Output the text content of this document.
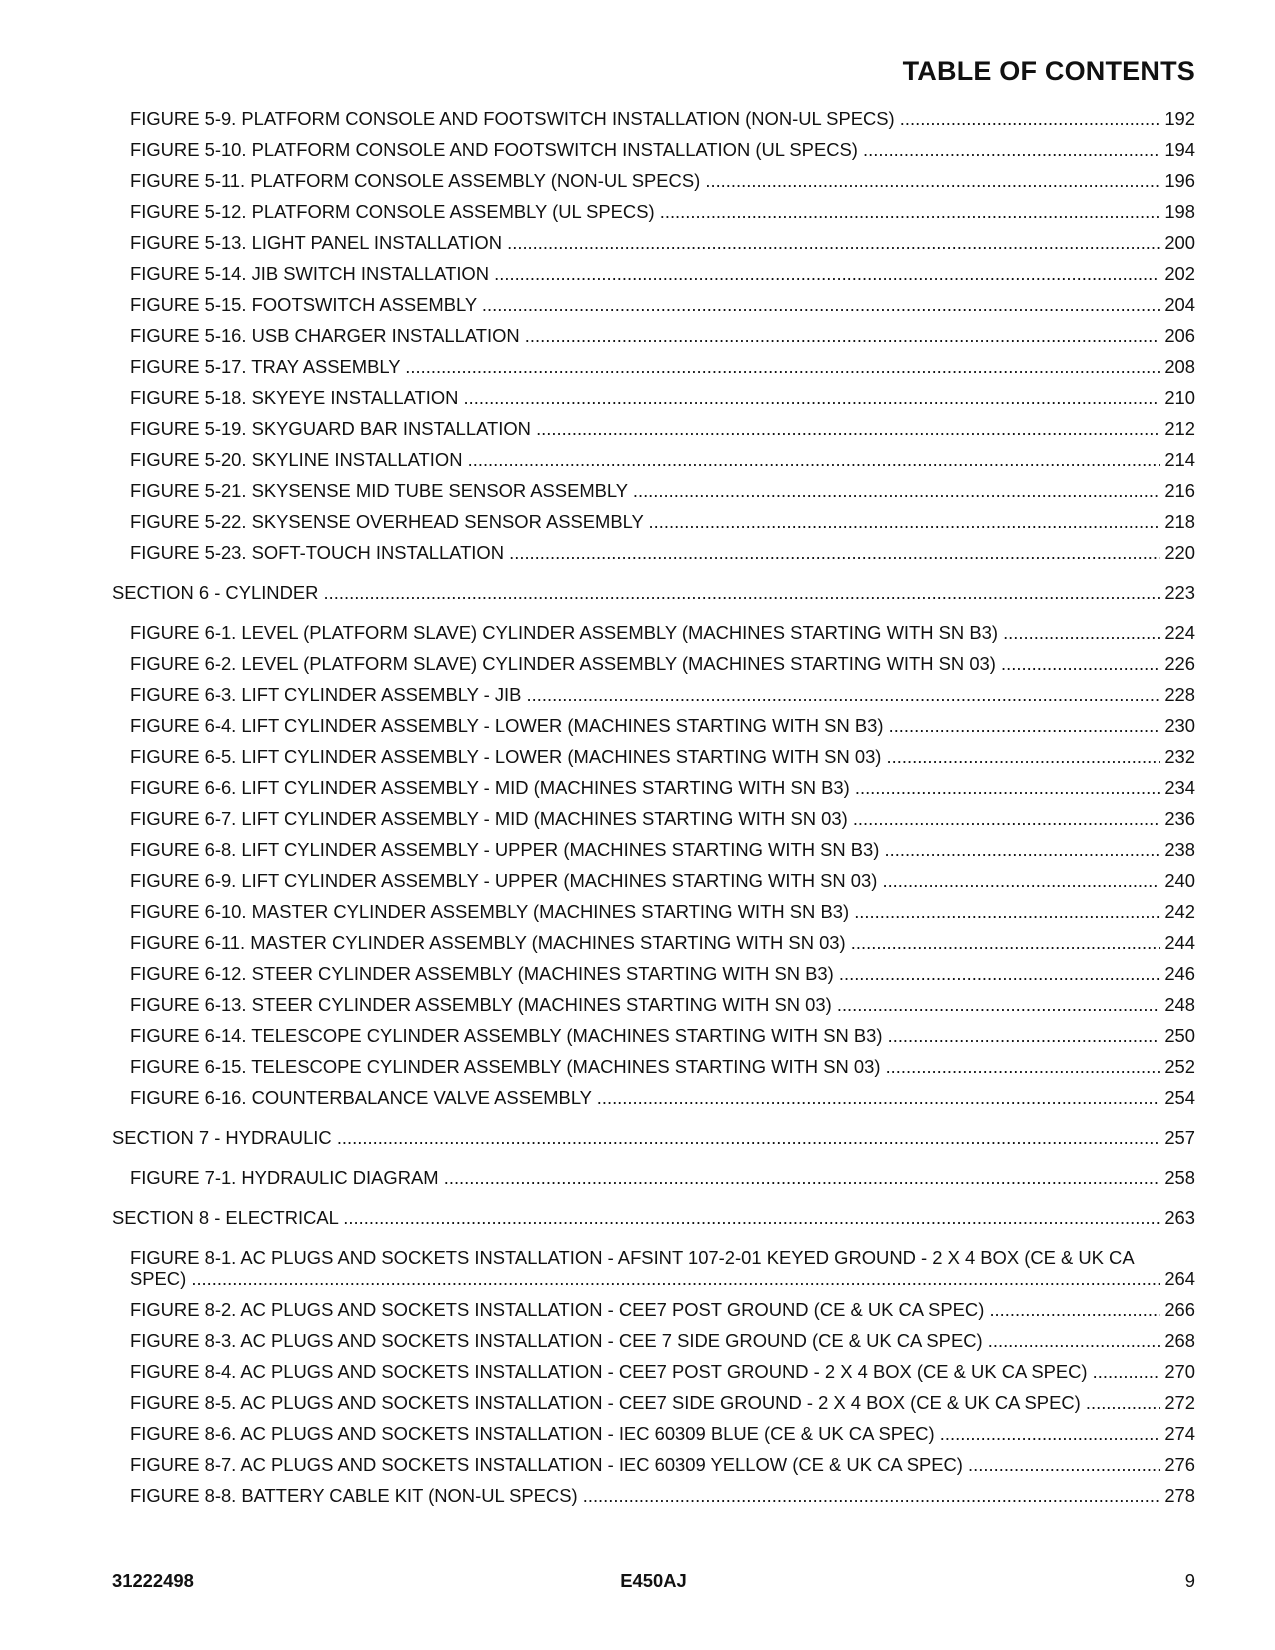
TABLE OF CONTENTS
FIGURE 5-9. PLATFORM CONSOLE AND FOOTSWITCH INSTALLATION (NON-UL SPECS) .....	192
FIGURE 5-10. PLATFORM CONSOLE AND FOOTSWITCH INSTALLATION (UL SPECS) .....	194
FIGURE 5-11. PLATFORM CONSOLE ASSEMBLY (NON-UL SPECS) .....	196
FIGURE 5-12. PLATFORM CONSOLE ASSEMBLY (UL SPECS) .....	198
FIGURE 5-13. LIGHT PANEL INSTALLATION .....	200
FIGURE 5-14. JIB SWITCH INSTALLATION .....	202
FIGURE 5-15. FOOTSWITCH ASSEMBLY .....	204
FIGURE 5-16. USB CHARGER INSTALLATION .....	206
FIGURE 5-17. TRAY ASSEMBLY .....	208
FIGURE 5-18. SKYEYE INSTALLATION .....	210
FIGURE 5-19. SKYGUARD BAR INSTALLATION .....	212
FIGURE 5-20. SKYLINE INSTALLATION .....	214
FIGURE 5-21. SKYSENSE MID TUBE SENSOR ASSEMBLY .....	216
FIGURE 5-22. SKYSENSE OVERHEAD SENSOR ASSEMBLY .....	218
FIGURE 5-23. SOFT-TOUCH INSTALLATION .....	220
SECTION 6 - CYLINDER .....	223
FIGURE 6-1. LEVEL (PLATFORM SLAVE) CYLINDER ASSEMBLY (MACHINES STARTING WITH SN B3) .....	224
FIGURE 6-2. LEVEL (PLATFORM SLAVE) CYLINDER ASSEMBLY (MACHINES STARTING WITH SN 03) .....	226
FIGURE 6-3. LIFT CYLINDER ASSEMBLY - JIB .....	228
FIGURE 6-4. LIFT CYLINDER ASSEMBLY - LOWER (MACHINES STARTING WITH SN B3) .....	230
FIGURE 6-5. LIFT CYLINDER ASSEMBLY - LOWER (MACHINES STARTING WITH SN 03) .....	232
FIGURE 6-6. LIFT CYLINDER ASSEMBLY - MID (MACHINES STARTING WITH SN B3) .....	234
FIGURE 6-7. LIFT CYLINDER ASSEMBLY - MID (MACHINES STARTING WITH SN 03) .....	236
FIGURE 6-8. LIFT CYLINDER ASSEMBLY - UPPER (MACHINES STARTING WITH SN B3) .....	238
FIGURE 6-9. LIFT CYLINDER ASSEMBLY - UPPER (MACHINES STARTING WITH SN 03) .....	240
FIGURE 6-10. MASTER CYLINDER ASSEMBLY (MACHINES STARTING WITH SN B3) .....	242
FIGURE 6-11. MASTER CYLINDER ASSEMBLY (MACHINES STARTING WITH SN 03) .....	244
FIGURE 6-12. STEER CYLINDER ASSEMBLY (MACHINES STARTING WITH SN B3) .....	246
FIGURE 6-13. STEER CYLINDER ASSEMBLY (MACHINES STARTING WITH SN 03) .....	248
FIGURE 6-14. TELESCOPE CYLINDER ASSEMBLY (MACHINES STARTING WITH SN B3) .....	250
FIGURE 6-15. TELESCOPE CYLINDER ASSEMBLY (MACHINES STARTING WITH SN 03) .....	252
FIGURE 6-16. COUNTERBALANCE VALVE ASSEMBLY .....	254
SECTION 7 - HYDRAULIC .....	257
FIGURE 7-1. HYDRAULIC DIAGRAM .....	258
SECTION 8 - ELECTRICAL .....	263
FIGURE 8-1. AC PLUGS AND SOCKETS INSTALLATION - AFSINT 107-2-01 KEYED GROUND - 2 X 4 BOX (CE & UK CA
SPEC) .....	264
FIGURE 8-2. AC PLUGS AND SOCKETS INSTALLATION - CEE7 POST GROUND (CE & UK CA SPEC) .....	266
FIGURE 8-3. AC PLUGS AND SOCKETS INSTALLATION - CEE 7 SIDE GROUND (CE & UK CA SPEC) .....	268
FIGURE 8-4. AC PLUGS AND SOCKETS INSTALLATION - CEE7 POST GROUND - 2 X 4 BOX (CE & UK CA SPEC) .....	270
FIGURE 8-5. AC PLUGS AND SOCKETS INSTALLATION - CEE7 SIDE GROUND - 2 X 4 BOX (CE & UK CA SPEC) .....	272
FIGURE 8-6. AC PLUGS AND SOCKETS INSTALLATION - IEC 60309 BLUE (CE & UK CA SPEC) .....	274
FIGURE 8-7. AC PLUGS AND SOCKETS INSTALLATION - IEC 60309 YELLOW (CE & UK CA SPEC) .....	276
FIGURE 8-8. BATTERY CABLE KIT (NON-UL SPECS) .....	278
31222498	E450AJ	9
